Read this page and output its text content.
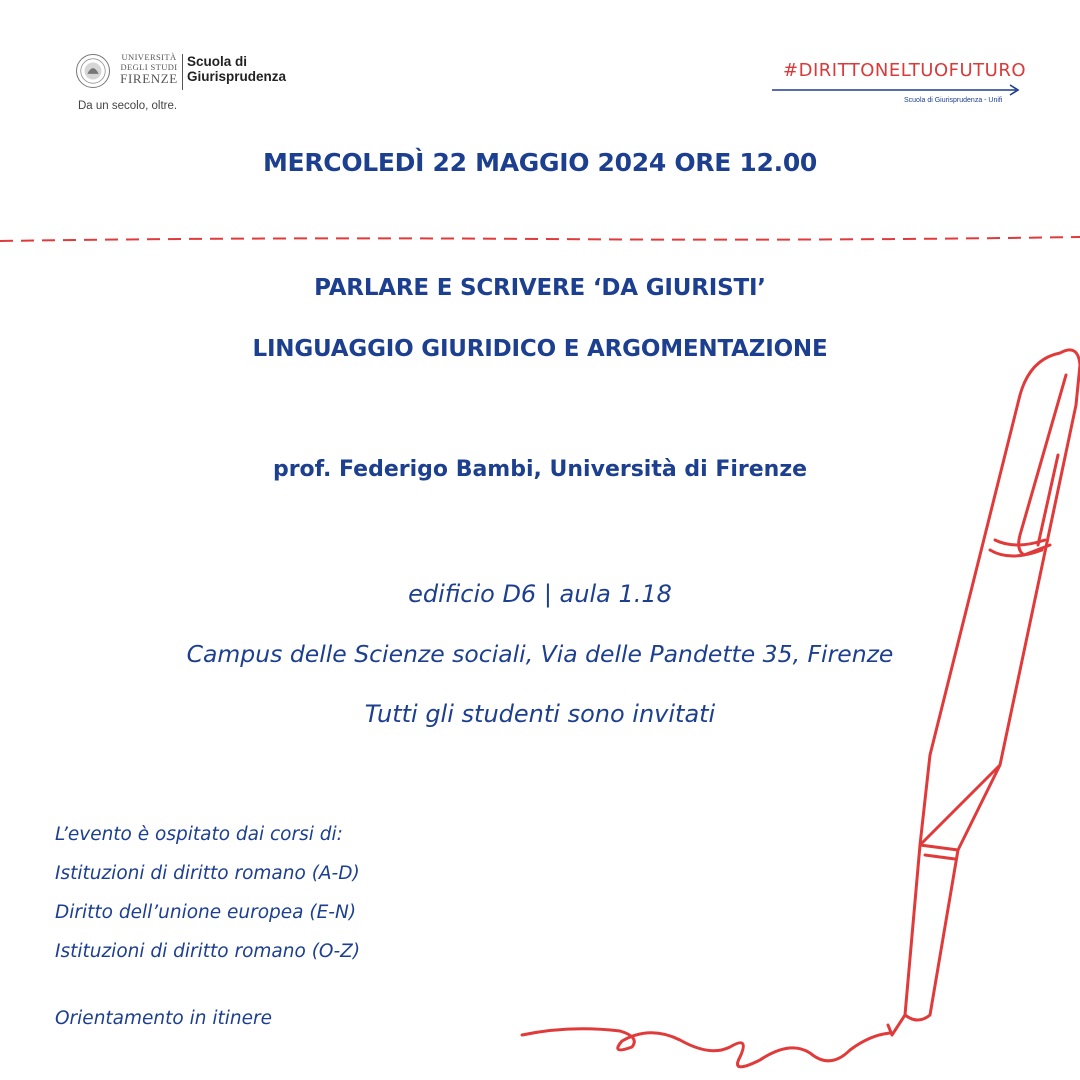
UNIVERSITÀ
DEGLI STUDI
FIRENZE
Scuola di
Giurisprudenza
Da un secolo, oltre.
#DIRITTONELTUOFUTURO
Scuola di Giurisprudenza - Unifi
MERCOLEDÌ 22 MAGGIO 2024 ORE 12.00
PARLARE E SCRIVERE ‘DA GIURISTI’
LINGUAGGIO GIURIDICO E ARGOMENTAZIONE
prof. Federigo Bambi, Università di Firenze
edificio D6 | aula 1.18
Campus delle Scienze sociali, Via delle Pandette 35, Firenze
Tutti gli studenti sono invitati
L’evento è ospitato dai corsi di:
Istituzioni di diritto romano (A-D)
Diritto dell’unione europea (E-N)
Istituzioni di diritto romano (O-Z)
Orientamento in itinere
